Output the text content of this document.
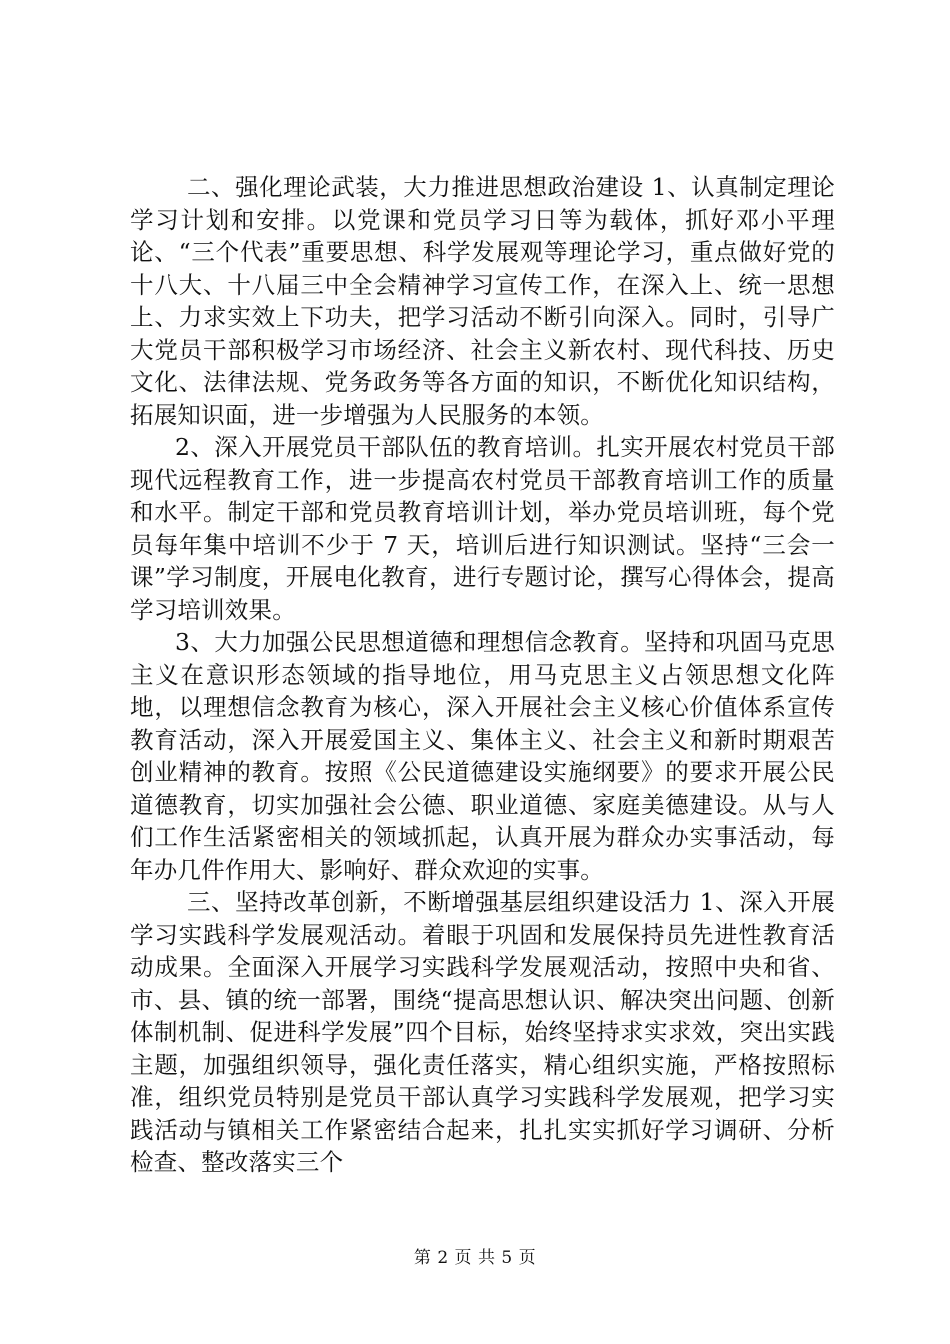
二、强化理论武装，大力推进思想政治建设 1、认真制定理论学习计划和安排。以党课和党员学习日等为载体，抓好邓小平理论、“三个代表”重要思想、科学发展观等理论学习，重点做好党的十八大、十八届三中全会精神学习宣传工作，在深入上、统一思想上、力求实效上下功夫，把学习活动不断引向深入。同时，引导广大党员干部积极学习市场经济、社会主义新农村、现代科技、历史文化、法律法规、党务政务等各方面的知识，不断优化知识结构，拓展知识面，进一步增强为人民服务的本领。

2、深入开展党员干部队伍的教育培训。扎实开展农村党员干部现代远程教育工作，进一步提高农村党员干部教育培训工作的质量和水平。制定干部和党员教育培训计划，举办党员培训班，每个党员每年集中培训不少于 7 天，培训后进行知识测试。坚持“三会一课”学习制度，开展电化教育，进行专题讨论，撰写心得体会，提高学习培训效果。

3、大力加强公民思想道德和理想信念教育。坚持和巩固马克思主义在意识形态领域的指导地位，用马克思主义占领思想文化阵地，以理想信念教育为核心，深入开展社会主义核心价值体系宣传教育活动，深入开展爱国主义、集体主义、社会主义和新时期艰苦创业精神的教育。按照《公民道德建设实施纲要》的要求开展公民道德教育，切实加强社会公德、职业道德、家庭美德建设。从与人们工作生活紧密相关的领域抓起，认真开展为群众办实事活动，每年办几件作用大、影响好、群众欢迎的实事。

三、坚持改革创新，不断增强基层组织建设活力 1、深入开展学习实践科学发展观活动。着眼于巩固和发展保持员先进性教育活动成果。全面深入开展学习实践科学发展观活动，按照中央和省、市、县、镇的统一部署，围绕“提高思想认识、解决突出问题、创新体制机制、促进科学发展”四个目标，始终坚持求实求效，突出实践主题，加强组织领导，强化责任落实，精心组织实施，严格按照标准，组织党员特别是党员干部认真学习实践科学发展观，把学习实践活动与镇相关工作紧密结合起来，扎扎实实抓好学习调研、分析检查、整改落实三个

第 2 页 共 5 页
